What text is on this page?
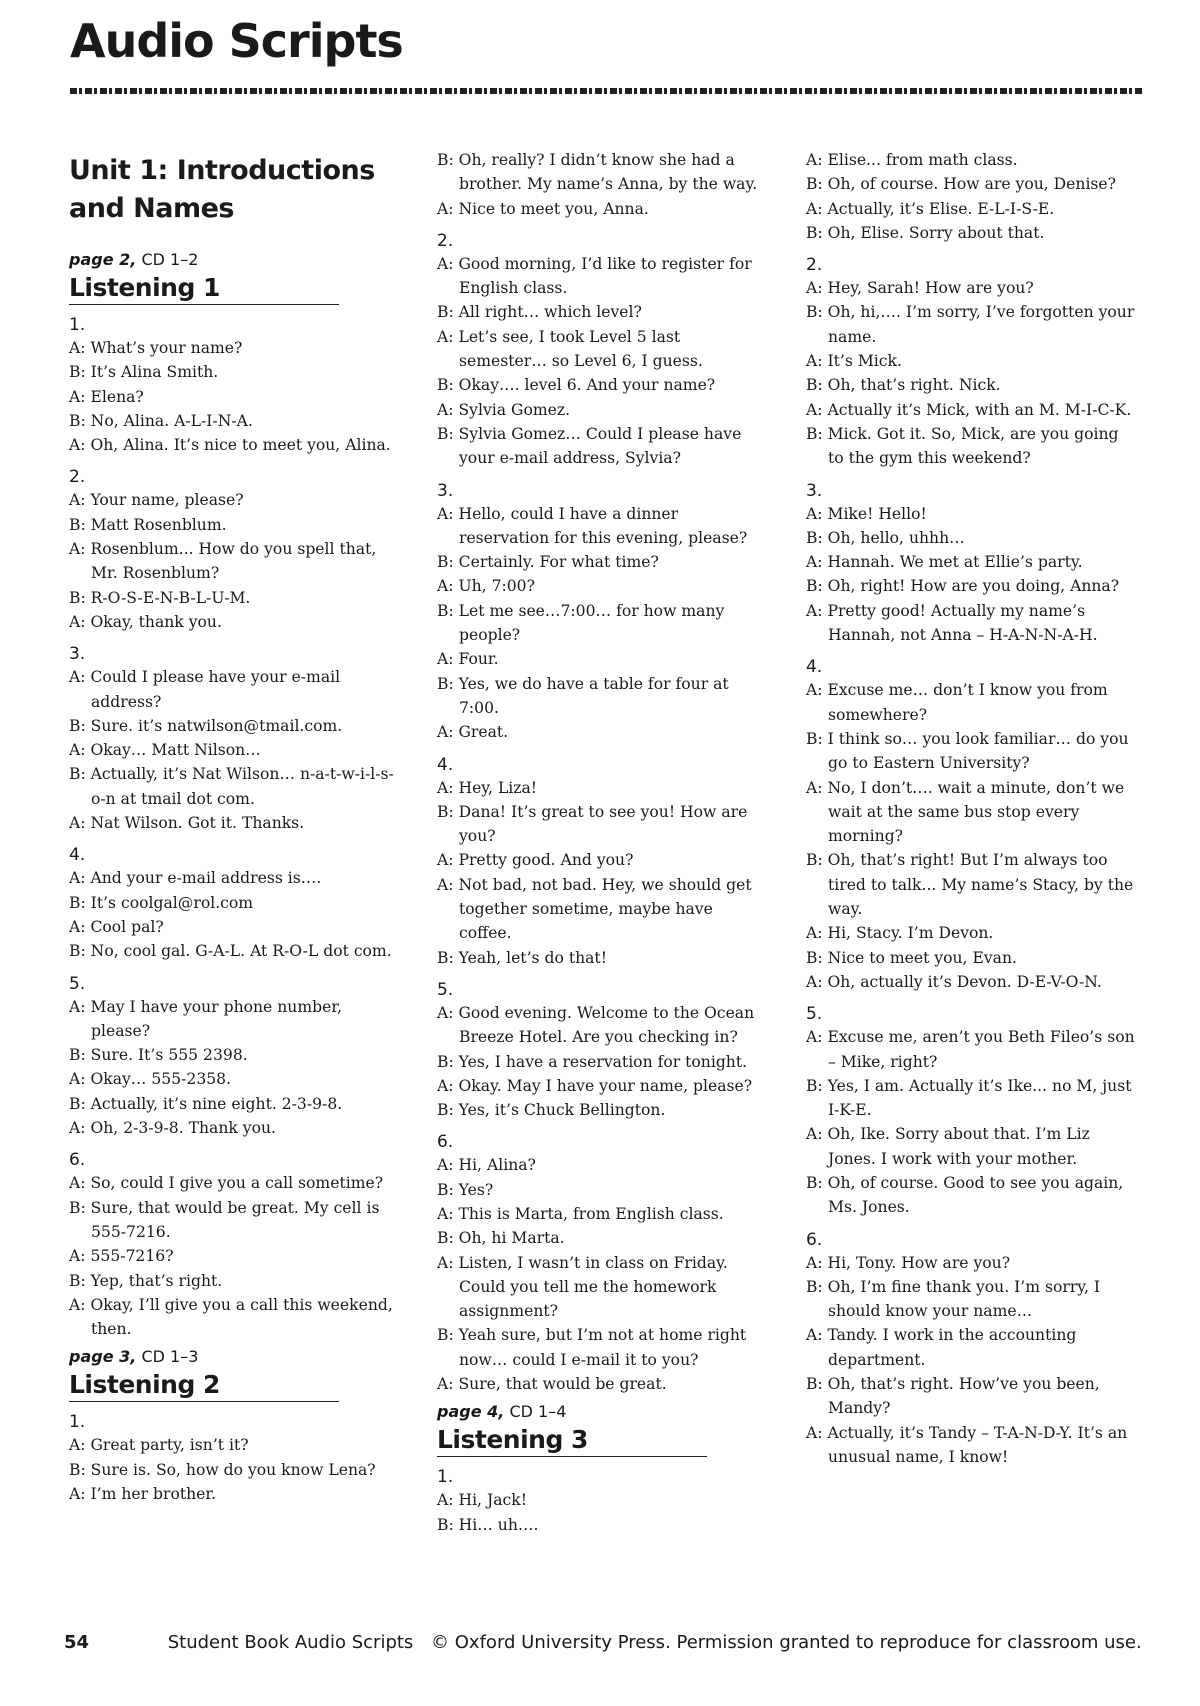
Audio Scripts
Unit 1: Introductions and Names
page 2, CD 1–2
Listening 1
1.
A: What’s your name?
B: It’s Alina Smith.
A: Elena?
B: No, Alina. A-L-I-N-A.
A: Oh, Alina. It’s nice to meet you, Alina.
2.
A: Your name, please?
B: Matt Rosenblum.
A: Rosenblum... How do you spell that, Mr. Rosenblum?
B: R-O-S-E-N-B-L-U-M.
A: Okay, thank you.
3.
A: Could I please have your e-mail address?
B: Sure. it’s natwilson@tmail.com.
A: Okay… Matt Nilson…
B: Actually, it’s Nat Wilson… n-a-t-w-i-l-s-o-n at tmail dot com.
A: Nat Wilson. Got it. Thanks.
4.
A: And your e-mail address is….
B: It’s coolgal@rol.com
A: Cool pal?
B: No, cool gal. G-A-L. At R-O-L dot com.
5.
A: May I have your phone number, please?
B: Sure. It’s 555 2398.
A: Okay… 555-2358.
B: Actually, it’s nine eight. 2-3-9-8.
A: Oh, 2-3-9-8. Thank you.
6.
A: So, could I give you a call sometime?
B: Sure, that would be great. My cell is 555-7216.
A: 555-7216?
B: Yep, that’s right.
A: Okay, I’ll give you a call this weekend, then.
page 3, CD 1–3
Listening 2
1.
A: Great party, isn’t it?
B: Sure is. So, how do you know Lena?
A: I’m her brother.
B: Oh, really? I didn’t know she had a brother. My name’s Anna, by the way.
A: Nice to meet you, Anna.
2.
A: Good morning, I’d like to register for English class.
B: All right… which level?
A: Let’s see, I took Level 5 last semester… so Level 6, I guess.
B: Okay…. level 6. And your name?
A: Sylvia Gomez.
B: Sylvia Gomez… Could I please have your e-mail address, Sylvia?
3.
A: Hello, could I have a dinner reservation for this evening, please?
B: Certainly. For what time?
A: Uh, 7:00?
B: Let me see…7:00… for how many people?
A: Four.
B: Yes, we do have a table for four at 7:00.
A: Great.
4.
A: Hey, Liza!
B: Dana! It’s great to see you! How are you?
A: Pretty good. And you?
A: Not bad, not bad. Hey, we should get together sometime, maybe have coffee.
B: Yeah, let’s do that!
5.
A: Good evening. Welcome to the Ocean Breeze Hotel. Are you checking in?
B: Yes, I have a reservation for tonight.
A: Okay. May I have your name, please?
B: Yes, it’s Chuck Bellington.
6.
A: Hi, Alina?
B: Yes?
A: This is Marta, from English class.
B: Oh, hi Marta.
A: Listen, I wasn’t in class on Friday. Could you tell me the homework assignment?
B: Yeah sure, but I’m not at home right now… could I e-mail it to you?
A: Sure, that would be great.
page 4, CD 1–4
Listening 3
1.
A: Hi, Jack!
B: Hi… uh….
A: Elise... from math class.
B: Oh, of course. How are you, Denise?
A: Actually, it’s Elise. E-L-I-S-E.
B: Oh, Elise. Sorry about that.
2.
A: Hey, Sarah! How are you?
B: Oh, hi,…. I’m sorry, I’ve forgotten your name.
A: It’s Mick.
B: Oh, that’s right. Nick.
A: Actually it’s Mick, with an M. M-I-C-K.
B: Mick. Got it. So, Mick, are you going to the gym this weekend?
3.
A: Mike! Hello!
B: Oh, hello, uhhh…
A: Hannah. We met at Ellie’s party.
B: Oh, right! How are you doing, Anna?
A: Pretty good! Actually my name’s Hannah, not Anna – H-A-N-N-A-H.
4.
A: Excuse me… don’t I know you from somewhere?
B: I think so… you look familiar… do you go to Eastern University?
A: No, I don’t…. wait a minute, don’t we wait at the same bus stop every morning?
B: Oh, that’s right! But I’m always too tired to talk... My name’s Stacy, by the way.
A: Hi, Stacy. I’m Devon.
B: Nice to meet you, Evan.
A: Oh, actually it’s Devon. D-E-V-O-N.
5.
A: Excuse me, aren’t you Beth Fileo’s son – Mike, right?
B: Yes, I am. Actually it’s Ike... no M, just I-K-E.
A: Oh, Ike. Sorry about that. I’m Liz Jones. I work with your mother.
B: Oh, of course. Good to see you again, Ms. Jones.
6.
A: Hi, Tony. How are you?
B: Oh, I’m fine thank you. I’m sorry, I should know your name…
A: Tandy. I work in the accounting department.
B: Oh, that’s right. How’ve you been, Mandy?
A: Actually, it’s Tandy – T-A-N-D-Y. It’s an unusual name, I know!
54	Student Book Audio Scripts © Oxford University Press. Permission granted to reproduce for classroom use.
